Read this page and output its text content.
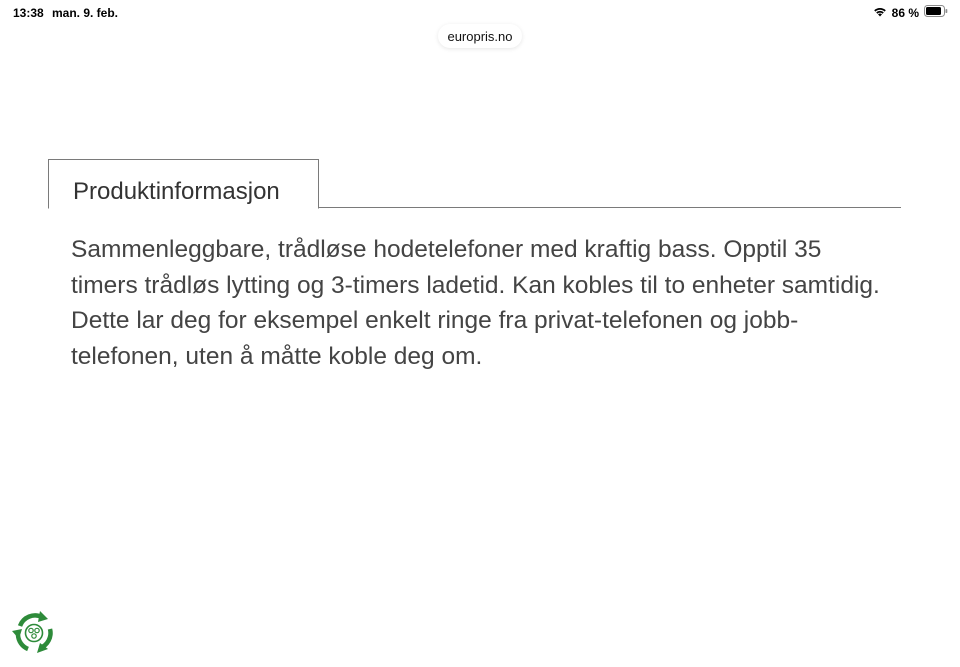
13:38 man. 9. feb.	86 %
europris.no
Produktinformasjon

Sammenleggbare, trådløse hodetelefoner med kraftig bass. Opptil 35 timers trådløs lytting og 3-timers ladetid. Kan kobles til to enheter samtidig. Dette lar deg for eksempel enkelt ringe fra privat-telefonen og jobb-telefonen, uten å måtte koble deg om.
